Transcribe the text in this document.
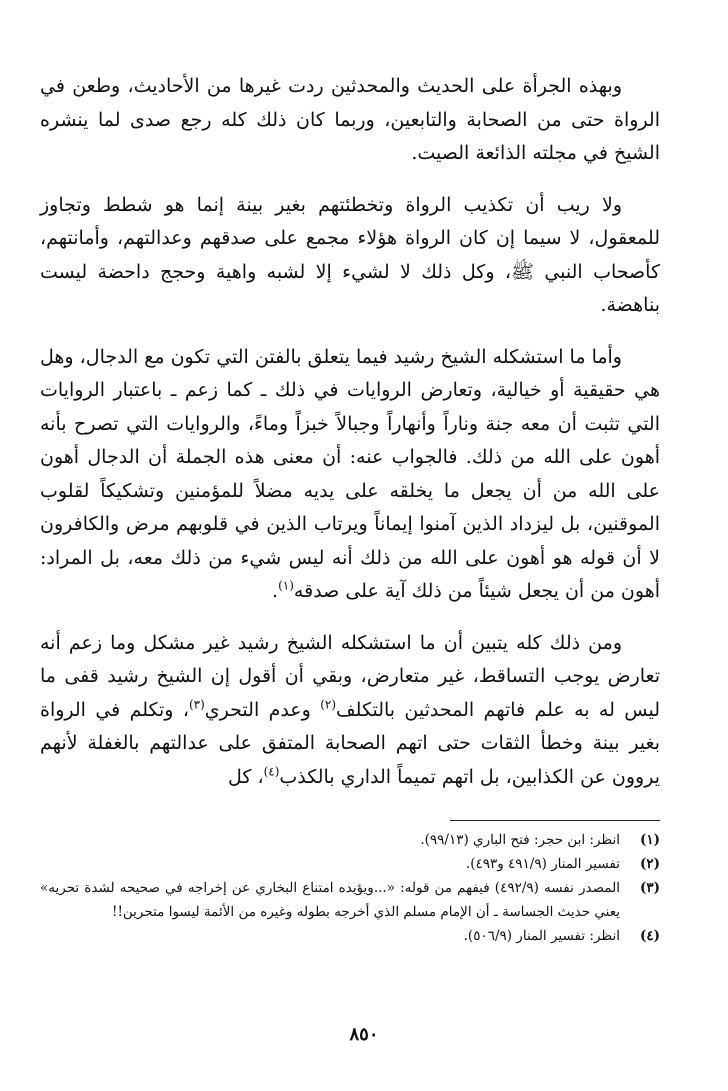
وبهذه الجرأة على الحديث والمحدثين ردت غيرها من الأحاديث، وطعن في الرواة حتى من الصحابة والتابعين، وربما كان ذلك كله رجع صدى لما ينشره الشيخ في مجلته الذائعة الصيت.

ولا ريب أن تكذيب الرواة وتخطئتهم بغير بينة إنما هو شطط وتجاوز للمعقول، لا سيما إن كان الرواة هؤلاء مجمع على صدقهم وعدالتهم، وأمانتهم، كأصحاب النبي ﷺ، وكل ذلك لا لشيء إلا لشبه واهية وحجج داحضة ليست بناهضة.

وأما ما استشكله الشيخ رشيد فيما يتعلق بالفتن التي تكون مع الدجال، وهل هي حقيقية أو خيالية، وتعارض الروايات في ذلك ـ كما زعم ـ باعتبار الروايات التي تثبت أن معه جنة وناراً وأنهاراً وجبالاً خبزاً وماءً، والروايات التي تصرح بأنه أهون على الله من ذلك. فالجواب عنه: أن معنى هذه الجملة أن الدجال أهون على الله من أن يجعل ما يخلقه على يديه مضلاً للمؤمنين وتشكيكاً لقلوب الموقنين، بل ليزداد الذين آمنوا إيماناً ويرتاب الذين في قلوبهم مرض والكافرون لا أن قوله هو أهون على الله من ذلك أنه ليس شيء من ذلك معه، بل المراد: أهون من أن يجعل شيئاً من ذلك آية على صدقه$^{(١)}$.

ومن ذلك كله يتبين أن ما استشكله الشيخ رشيد غير مشكل وما زعم أنه تعارض يوجب التساقط، غير متعارض، وبقي أن أقول إن الشيخ رشيد قفى ما ليس له به علم فاتهم المحدثين بالتكلف$^{(٢)}$ وعدم التحري$^{(٣)}$، وتكلم في الرواة بغير بينة وخطأ الثقات حتى اتهم الصحابة المتفق على عدالتهم بالغفلة لأنهم يروون عن الكذابين، بل اتهم تميماً الداري بالكذب$^{(٤)}$، كل

(١)
انظر: ابن حجر: فتح الباري (٩٩/١٣).
(٢)
تفسير المنار (٤٩١/٩ و٤٩٣).
(٣)
المصدر نفسه (٤٩٢/٩) فيفهم من قوله: «...ويؤيده امتناع البخاري عن إخراجه في صحيحه لشدة تحريه» يعني حديث الجساسة ـ أن الإمام مسلم الذي أخرجه بطوله وغيره من الأئمة ليسوا متحرين!!
(٤)
انظر: تفسير المنار (٥٠٦/٩).
٨٥٠
